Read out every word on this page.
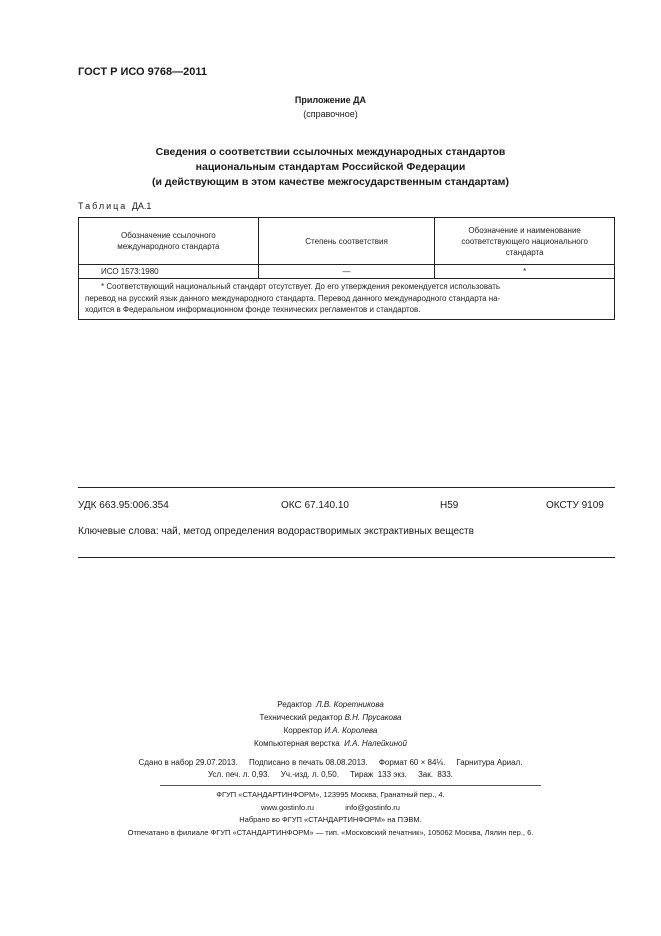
ГОСТ Р ИСО 9768—2011
Приложение ДА
(справочное)
Сведения о соответствии ссылочных международных стандартов
национальным стандартам Российской Федерации
(и действующим в этом качестве межгосударственным стандартам)
Таблица ДА.1
Обозначение ссылочного международного стандарта	Степень соответствия	Обозначение и наименование соответствующего национального стандарта
ИСО 1573:1980	—	*

* Соответствующий национальный стандарт отсутствует. До его утверждения рекомендуется использовать
перевод на русский язык данного международного стандарта. Перевод данного международного стандарта на-
ходится в Федеральном информационном фонде технических регламентов и стандартов.		
УДК 663.95:006.354	ОКС 67.140.10	Н59	ОКСТУ 9109
Ключевые слова: чай, метод определения водорастворимых экстрактивных веществ
Редактор Л.В. Коретникова
Технический редактор В.Н. Прусакова
Корректор И.А. Королева
Компьютерная верстка И.А. Налейкиной
Сдано в набор 29.07.2013.     Подписано в печать 08.08.2013.     Формат 60 × 84⅛.     Гарнитура Ариал.
Усл. печ. л. 0,93.     Уч.-изд. л. 0,50.     Тираж  133 экз.     Зак.  833.
ФГУП «СТАНДАРТИНФОРМ», 123995 Москва, Гранатный пер., 4.
www.gostinfo.ru               info@gostinfo.ru
Набрано во ФГУП «СТАНДАРТИНФОРМ» на ПЭВМ.
Отпечатано в филиале ФГУП «СТАНДАРТИНФОРМ» — тип. «Московский печатник», 105062 Москва, Лялин пер., 6.
